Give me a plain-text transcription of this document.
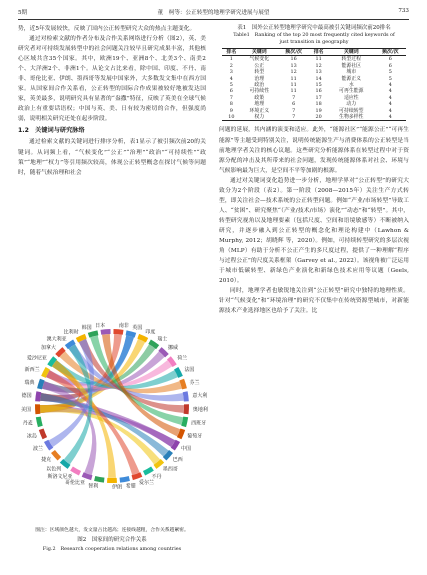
5期	董　柯等：公正转型的地理学研究进展与展望	733

势，近5年发展较快，反映了国内公正转型研究大众的热点主题变化。

通过对检索文献的作者分布及合作关系网络进行分析（图2），英、美研究者对可持续发展转型中的社会问题关注较早且研究成果丰富，其他核心区域共含35个国家。其中，欧洲19个、亚洲8个、北美3个、南美2个、大洋洲2个、非洲1个。从论文占比来看，除中国、印度、不丹、南非、哥伦比亚、伊朗、墨西哥等发展中国家外，大多数发文集中在西方国家。从国家间合作关系看，公正转型的国际合作成果被较好地被发达国家，英美最多，说明研究具有显著的“盎撒”特征，反映了英美在全球气候政治上有重要话语权；中国与英、美、日有较为密切的合作，但强度尚弱，说明相关研究还处在起步阶段。

1.2　关键词与研究脉络

通过检索文献的关键词进行排序分析，表1显示了被引频次前20的关键词。从词频上看，“气候变化”“公正”“治理”“政治”“可持续性”“政策”“地理”“权力”等引用频次较高，体现公正转型概念在探讨气候等问题时，随着气候治理和社会

表1　国外公正转型地理学研究中最高被引关键词频次前20排名
Table1　Ranking of the top 20 most frequently cited keywords of
just transition in geography
排名	关键词	频次/次	排名	关键词	频次/次
1	气候变化	16	11	转型过程	6
2	公正	13	12	能源社区	6
3	转型	12	13	城市	5
4	治理	11	14	能源正义	5
5	政治	11	15	水	4
6	可持续性	11	16	可再生能源	4
7	政策	7	17	适应性	4
8	地理	6	18	动力	4
9	环境正义	7	19	可持续转型	4
10	权力	7	20	生物多样性	4

问题的延展，其内涵的演变和适应。此外，“能源社区”“能源公正”“可再生能源”等主题受到特别关注，说明传统能源生产与消费体系的公正转型是当前地理学者关注的核心议题。这些研究分析能源体系在转型过程中对于资源分配的冲击及其所带来的社会问题，发现传统能源体系对社会、环境与气候影响最为巨大，是空间不平等加剧的根源。

通过对关键词变化趋势进一步分析，地理学界对“公正转型”的研究大致分为2个阶段（表2）。第一阶段（2008—2015年）关注生产方式转型，即关注社会—技术系统的公正转型问题。例如“产业/市场转型”导致工人、“贫困”、研究聚焦“（产业/技术/市场）演化”“动态”和“转型”。其中，转型研究视角以及地理要素（包括尺度、空间和语境敏感等）不断被纳入研究，并逐步融入到公正转型的概念化和理论构建中（Lawhon & Murphy, 2012；胡晓辉 等，2020）。例如，可持续转型研究的多层次视角（MLP）有助于分析不公正产生的多尺度过程，提供了一种理解“程序与过程公正”的尺度关系框架（Garvey et al., 2022）。该视角被广泛运用于城市低碳转型、新绿色产业演化和新绿色技术应用等议题（Geels, 2010）。

同时，地理学者也敏锐地关注到“公正转型”研究中独特的地理性质。针对“气候变化”和“环境治理”的研究不仅集中在传统资源型城市，对新能源技术产业选择地区也给予了关注。比

南非 英国
印度
瑞士
挪威
荷兰
法国
芬兰
意大利
奥地利
西班牙
葡萄牙
中国
巴西
墨西哥
不丹
爱尔兰
希腊
伊朗
智利
哥伦比亚
斯洛文尼亚
以色列
捷克
波兰
冰岛
丹麦
美国
德国
瑞典
新西兰
爱沙尼亚
加拿大
澳大利亚
比利时
韩国 日本
图注：区域颜色越大，发文量占比越高；连接线越粗，合作关系越紧密。
图2　国家间的研究合作关系
Fig.2　Research cooperation relations among countries
